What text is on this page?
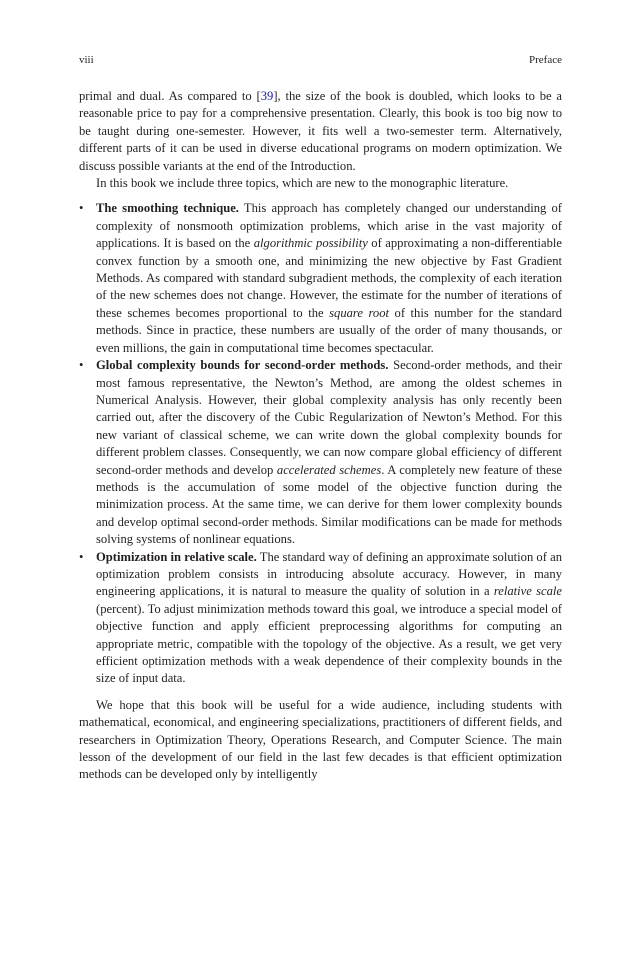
viii	Preface

primal and dual. As compared to [39], the size of the book is doubled, which looks to be a reasonable price to pay for a comprehensive presentation. Clearly, this book is too big now to be taught during one-semester. However, it fits well a two-semester term. Alternatively, different parts of it can be used in diverse educational programs on modern optimization. We discuss possible variants at the end of the Introduction.

In this book we include three topics, which are new to the monographic literature.

• The smoothing technique. This approach has completely changed our understanding of complexity of nonsmooth optimization problems, which arise in the vast majority of applications. It is based on the algorithmic possibility of approximating a non-differentiable convex function by a smooth one, and minimizing the new objective by Fast Gradient Methods. As compared with standard subgradient methods, the complexity of each iteration of the new schemes does not change. However, the estimate for the number of iterations of these schemes becomes proportional to the square root of this number for the standard methods. Since in practice, these numbers are usually of the order of many thousands, or even millions, the gain in computational time becomes spectacular.
• Global complexity bounds for second-order methods. Second-order methods, and their most famous representative, the Newton’s Method, are among the oldest schemes in Numerical Analysis. However, their global complexity analysis has only recently been carried out, after the discovery of the Cubic Regularization of Newton’s Method. For this new variant of classical scheme, we can write down the global complexity bounds for different problem classes. Consequently, we can now compare global efficiency of different second-order methods and develop accelerated schemes. A completely new feature of these methods is the accumulation of some model of the objective function during the minimization process. At the same time, we can derive for them lower complexity bounds and develop optimal second-order methods. Similar modifications can be made for methods solving systems of nonlinear equations.
• Optimization in relative scale. The standard way of defining an approximate solution of an optimization problem consists in introducing absolute accuracy. However, in many engineering applications, it is natural to measure the quality of solution in a relative scale (percent). To adjust minimization methods toward this goal, we introduce a special model of objective function and apply efficient preprocessing algorithms for computing an appropriate metric, compatible with the topology of the objective. As a result, we get very efficient optimization methods with a weak dependence of their complexity bounds in the size of input data.

We hope that this book will be useful for a wide audience, including students with mathematical, economical, and engineering specializations, practitioners of different fields, and researchers in Optimization Theory, Operations Research, and Computer Science. The main lesson of the development of our field in the last few decades is that efficient optimization methods can be developed only by intelligently
